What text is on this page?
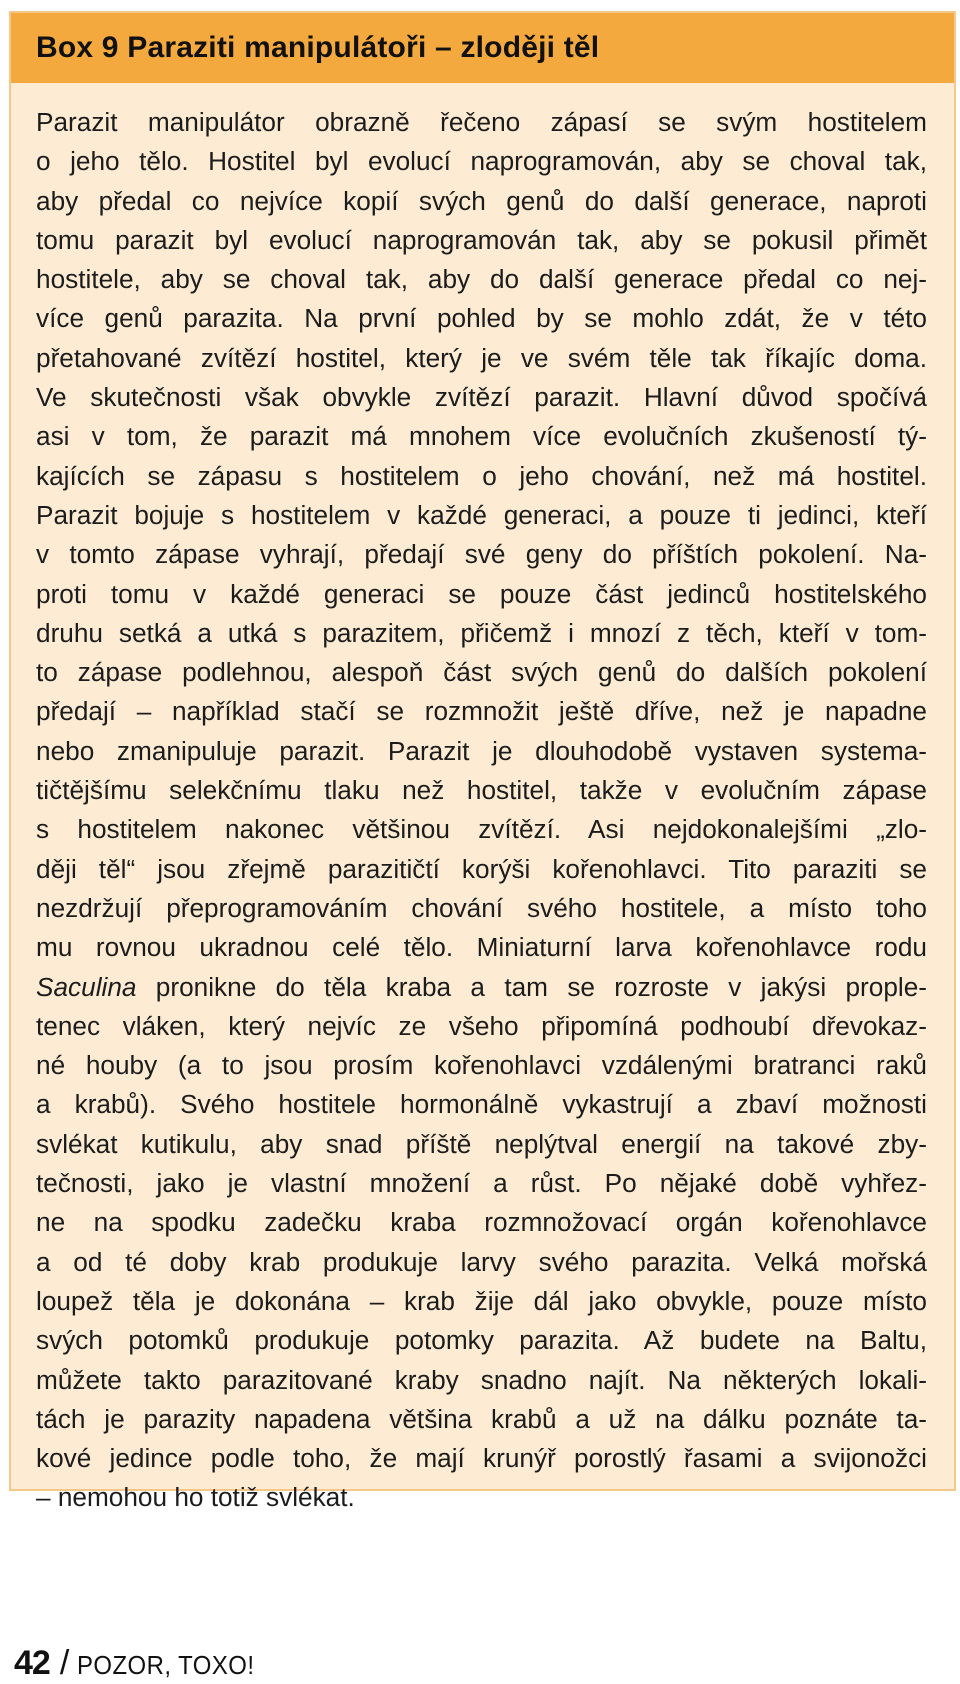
Box 9 Paraziti manipulátoři – zloději těl
Parazit manipulátor obrazně řečeno zápasí se svým hostitelem
o jeho tělo. Hostitel byl evolucí naprogramován, aby se choval tak,
aby předal co nejvíce kopií svých genů do další generace, naproti
tomu parazit byl evolucí naprogramován tak, aby se pokusil přimět
hostitele, aby se choval tak, aby do další generace předal co nej-
více genů parazita. Na první pohled by se mohlo zdát, že v této
přetahované zvítězí hostitel, který je ve svém těle tak říkajíc doma.
Ve skutečnosti však obvykle zvítězí parazit. Hlavní důvod spočívá
asi v tom, že parazit má mnohem více evolučních zkušeností tý-
kajících se zápasu s hostitelem o jeho chování, než má hostitel.
Parazit bojuje s hostitelem v každé generaci, a pouze ti jedinci, kteří
v tomto zápase vyhrají, předají své geny do příštích pokolení. Na-
proti tomu v každé generaci se pouze část jedinců hostitelského
druhu setká a utká s parazitem, přičemž i mnozí z těch, kteří v tom-
to zápase podlehnou, alespoň část svých genů do dalších pokolení
předají – například stačí se rozmnožit ještě dříve, než je napadne
nebo zmanipuluje parazit. Parazit je dlouhodobě vystaven systema-
tičtějšímu selekčnímu tlaku než hostitel, takže v evolučním zápase
s hostitelem nakonec většinou zvítězí. Asi nejdokonalejšími „zlo-
ději těl“ jsou zřejmě parazitičtí korýši kořenohlavci. Tito paraziti se
nezdržují přeprogramováním chování svého hostitele, a místo toho
mu rovnou ukradnou celé tělo. Miniaturní larva kořenohlavce rodu
Saculina pronikne do těla kraba a tam se rozroste v jakýsi prople-
tenec vláken, který nejvíc ze všeho připomíná podhoubí dřevokaz-
né houby (a to jsou prosím kořenohlavci vzdálenými bratranci raků
a krabů). Svého hostitele hormonálně vykastrují a zbaví možnosti
svlékat kutikulu, aby snad příště neplýtval energií na takové zby-
tečnosti, jako je vlastní množení a růst. Po nějaké době vyhřez-
ne na spodku zadečku kraba rozmnožovací orgán kořenohlavce
a od té doby krab produkuje larvy svého parazita. Velká mořská
loupež těla je dokonána – krab žije dál jako obvykle, pouze místo
svých potomků produkuje potomky parazita. Až budete na Baltu,
můžete takto parazitované kraby snadno najít. Na některých lokali-
tách je parazity napadena většina krabů a už na dálku poznáte ta-
kové jedince podle toho, že mají krunýř porostlý řasami a svijonožci
– nemohou ho totiž svlékat.
42 / POZOR, TOXO!
